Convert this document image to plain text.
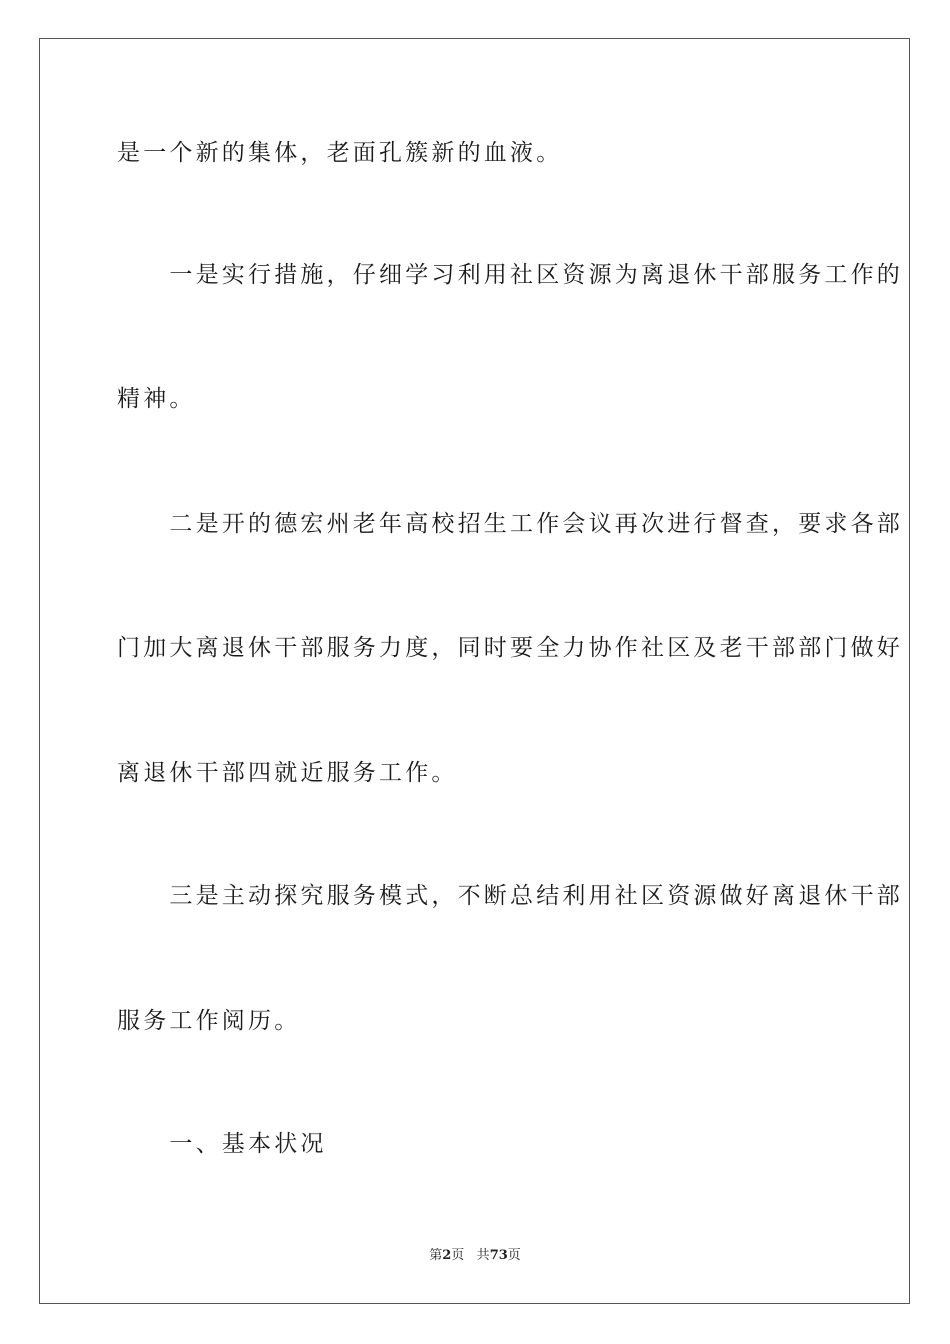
是一个新的集体，老面孔簇新的血液。
　　一是实行措施，仔细学习利用社区资源为离退休干部服务工作的
精神。
　　二是开的德宏州老年高校招生工作会议再次进行督查，要求各部
门加大离退休干部服务力度，同时要全力协作社区及老干部部门做好
离退休干部四就近服务工作。
　　三是主动探究服务模式，不断总结利用社区资源做好离退休干部
服务工作阅历。
　　一、基本状况
第2页 共73页
